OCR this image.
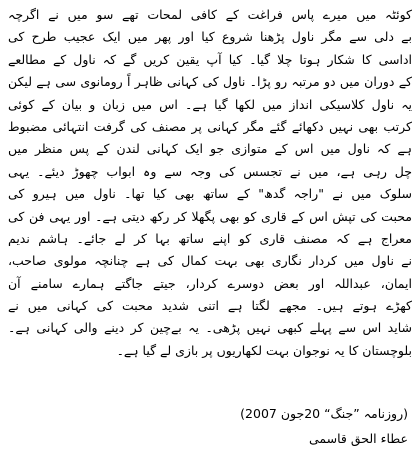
کوئٹہ میں میرے پاس فراغت کے کافی لمحات تھے سو میں نے اگرچہ
بے دلی سے مگر ناول پڑھنا شروع کیا اور پھر میں ایک عجیب طرح کی
اداسی کا شکار ہوتا چلا گیا۔ کیا آپ یقین کریں گے کہ ناول کے مطالعے
کے دوران میں دو مرتبہ رو پڑا۔ ناول کی کہانی ظاہر اً رومانوی سی ہے لیکن
یہ ناول کلاسیکی انداز میں لکھا گیا ہے۔ اس میں زبان و بیان کے کوئی
کرتب بھی نہیں دکھائے گئے مگر کہانی پر مصنف کی گرفت انتہائی مضبوط
ہے کہ ناول میں اس کے متوازی جو ایک کہانی لندن کے پس منظر میں
چل رہی ہے، میں نے تجسس کی وجہ سے وہ ابواب چھوڑ دیئے۔ یہی
سلوک میں نے "راجہ گدھ" کے ساتھ بھی کیا تھا۔ ناول میں ہیرو کی
محبت کی تپش اس کے قاری کو بھی پگھلا کر رکھ دیتی ہے۔ اور یہی فن کی
معراج ہے کہ مصنف قاری کو اپنے ساتھ بہا کر لے جائے۔ ہاشم ندیم
نے ناول میں کردار نگاری بھی بہت کمال کی ہے چنانچہ مولوی صاحب،
ایمان، عبداللہ اور بعض دوسرے کردار، جیتے جاگتے ہمارے سامنے آن
کھڑے ہوتے ہیں۔ مجھے لگتا ہے اتنی شدید محبت کی کہانی میں نے
شاید اس سے پہلے کبھی نہیں پڑھی۔ یہ بےچین کر دینے والی کہانی ہے۔
بلوچستان کا یہ نوجوان بہت لکھاریوں پر بازی لے گیا ہے۔
(روزنامہ ”جنگ“ 20جون 2007)
عطاء الحق قاسمی
